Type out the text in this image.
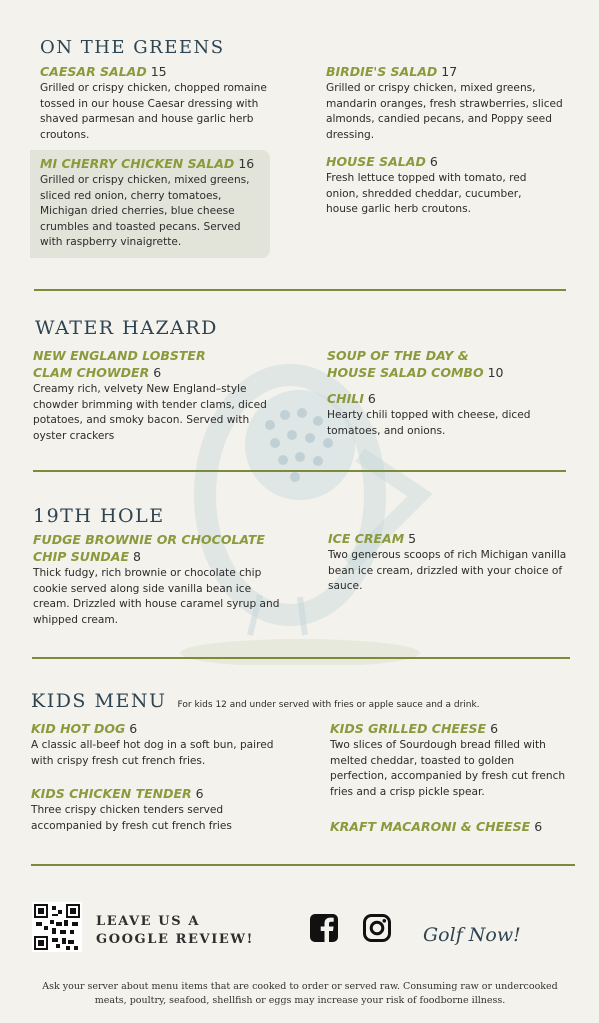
ON THE GREENS
CAESAR SALAD 15
Grilled or crispy chicken, chopped romaine tossed in our house Caesar dressing with shaved parmesan and house garlic herb croutons.
BIRDIE'S SALAD 17
Grilled or crispy chicken, mixed greens, mandarin oranges, fresh strawberries, sliced almonds, candied pecans, and Poppy seed dressing.
MI CHERRY CHICKEN SALAD 16
Grilled or crispy chicken, mixed greens, sliced red onion, cherry tomatoes, Michigan dried cherries, blue cheese crumbles and toasted pecans. Served with raspberry vinaigrette.
HOUSE SALAD 6
Fresh lettuce topped with tomato, red onion, shredded cheddar, cucumber, house garlic herb croutons.
WATER HAZARD
NEW ENGLAND LOBSTER
CLAM CHOWDER 6
Creamy rich, velvety New England–style chowder brimming with tender clams, diced potatoes, and smoky bacon. Served with oyster crackers
SOUP OF THE DAY &
HOUSE SALAD COMBO 10
CHILI 6
Hearty chili topped with cheese, diced tomatoes, and onions.
19TH HOLE
FUDGE BROWNIE OR CHOCOLATE
CHIP SUNDAE 8
Thick fudgy, rich brownie or chocolate chip cookie served along side vanilla bean ice cream. Drizzled with house caramel syrup and whipped cream.
ICE CREAM 5
Two generous scoops of rich Michigan vanilla bean ice cream, drizzled with your choice of sauce.
KIDS MENU For kids 12 and under served with fries or apple sauce and a drink.
KID HOT DOG 6
A classic all-beef hot dog in a soft bun, paired with crispy fresh cut french fries.
KIDS CHICKEN TENDER 6
Three crispy chicken tenders served accompanied by fresh cut french fries
KIDS GRILLED CHEESE 6
Two slices of Sourdough bread filled with melted cheddar, toasted to golden perfection, accompanied by fresh cut french fries and a crisp pickle spear.
KRAFT MACARONI & CHEESE 6
LEAVE US A
GOOGLE REVIEW!	Golf Now!
Ask your server about menu items that are cooked to order or served raw. Consuming raw or undercooked meats, poultry, seafood, shellfish or eggs may increase your risk of foodborne illness.
